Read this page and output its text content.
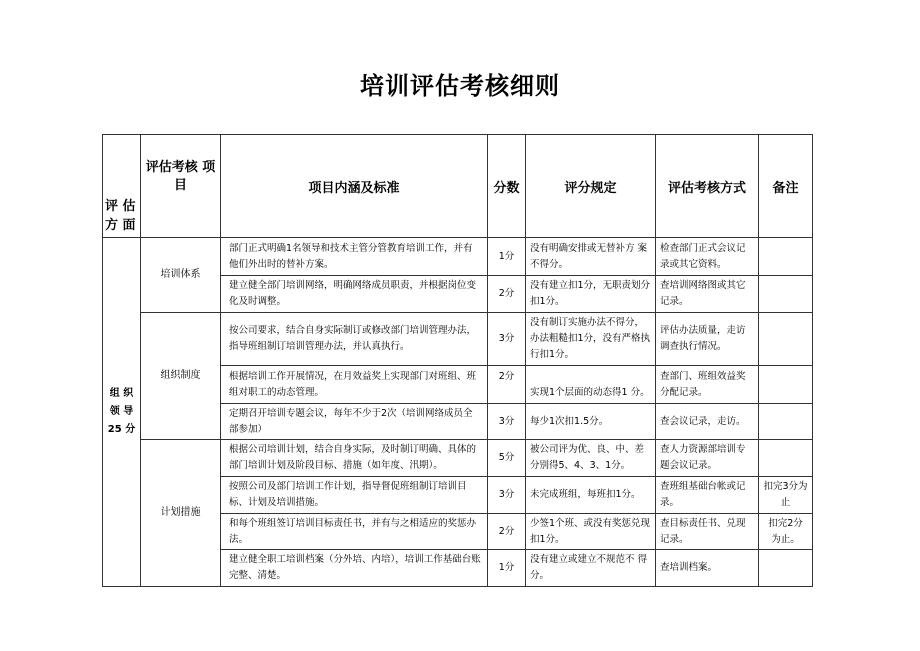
培训评估考核细则
评 估
方 面	评估考核 项目	项目内涵及标准	分数	评分规定	评估考核方式	备注

组 织
领 导
25 分	培训体系	部门正式明确1名领导和技术主管分管教育培训工作，并有 他们外出时的替补方案。	1分	没有明确安排或无替补方 案不得分。	检查部门正式会议记录或其它资料。	
		建立健全部门培训网络，明确网络成员职责，并根据岗位变化及时调整。	2分	没有建立扣1分，无职责划分扣1分。	查培训网络图或其它记录。	
	组织制度	按公司要求，结合自身实际制订或修改部门培训管理办法，指导班组制订培训管理办法，并认真执行。	3分	没有制订实施办法不得分，办法粗糙扣1分，没有严格执行扣1分。	评估办法质量，走访调查执行情况。	
		根据培训工作开展情况，在月效益奖上实现部门对班组、班组对职工的动态管理。	2分	实现1个层面的动态得1 分。	查部门、班组效益奖分配记录。	
		定期召开培训专题会议，每年不少于2次（培训网络成员全 部参加）	3分	每少1次扣1.5分。	查会议记录，走访。	
	计划措施	根据公司培训计划，结合自身实际，及时制订明确、具体的部门培训计划及阶段目标、措施（如年度、汛期）。	5分	被公司评为优、良、中、差分别得5、4、3、1分。	查人力资源部培训专题会议记录。	
		按照公司及部门培训工作计划，指导督促班组制订培训目标、计划及培训措施。	3分	未完成班组，每班扣1分。	查班组基础台帐或记录。	扣完3分为止
		和每个班组签订培训目标责任书，并有与之相适应的奖惩办法。	2分	少签1个班、或没有奖惩兑现扣1分。	查目标责任书、兑现记录。	扣完2分 为止。
		建立健全职工培训档案（分外培、内培），培训工作基础台账完整、清楚。	1分	没有建立或建立不规范不 得分。	查培训档案。	
